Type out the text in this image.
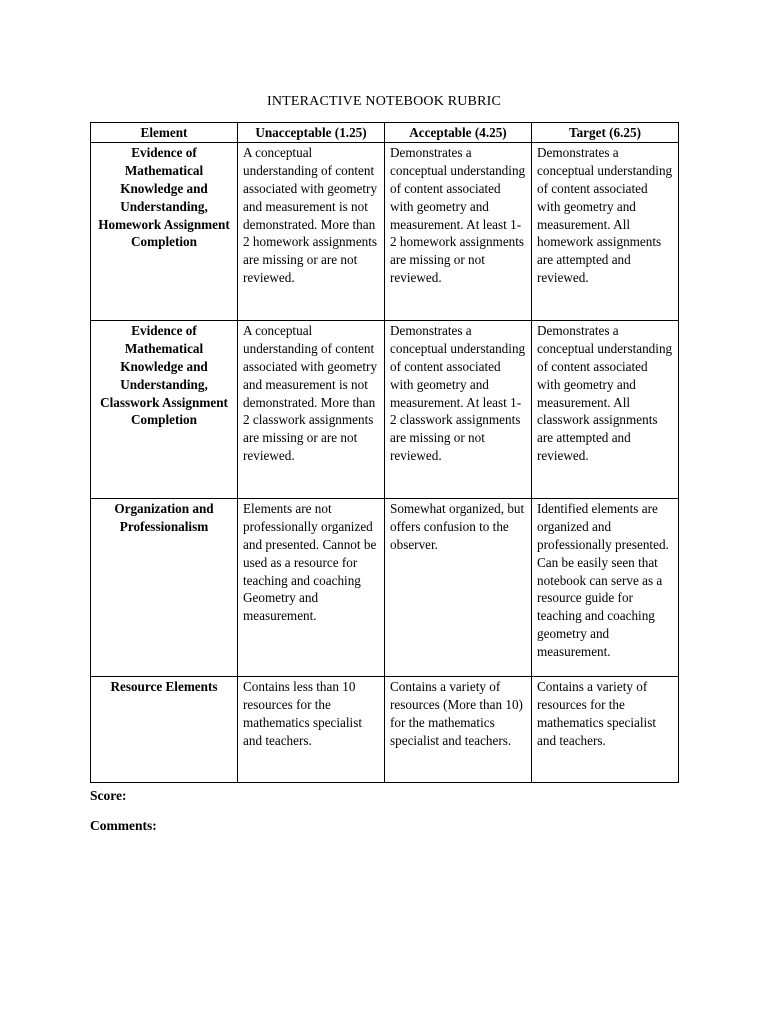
INTERACTIVE NOTEBOOK RUBRIC
Element	Unacceptable (1.25)	Acceptable (4.25)	Target (6.25)
Evidence of Mathematical Knowledge and Understanding, Homework Assignment Completion	A conceptual understanding of content associated with geometry and measurement is not demonstrated. More than 2 homework assignments are missing or are not reviewed.	Demonstrates a conceptual understanding of content associated with geometry and measurement. At least 1-2 homework assignments are missing or not reviewed.	Demonstrates a conceptual understanding of content associated with geometry and measurement. All homework assignments are attempted and reviewed.
Evidence of Mathematical Knowledge and Understanding, Classwork Assignment Completion	A conceptual understanding of content associated with geometry and measurement is not demonstrated. More than 2 classwork assignments are missing or are not reviewed.	Demonstrates a conceptual understanding of content associated with geometry and measurement. At least 1-2 classwork assignments are missing or not reviewed.	Demonstrates a conceptual understanding of content associated with geometry and measurement. All classwork assignments are attempted and reviewed.
Organization and Professionalism	Elements are not professionally organized and presented. Cannot be used as a resource for teaching and coaching Geometry and measurement.	Somewhat organized, but offers confusion to the observer.	Identified elements are organized and professionally presented. Can be easily seen that notebook can serve as a resource guide for teaching and coaching geometry and measurement.
Resource Elements	Contains less than 10 resources for the mathematics specialist and teachers.	Contains a variety of resources (More than 10) for the mathematics specialist and teachers.	Contains a variety of resources for the mathematics specialist and teachers.
Score:
Comments:
